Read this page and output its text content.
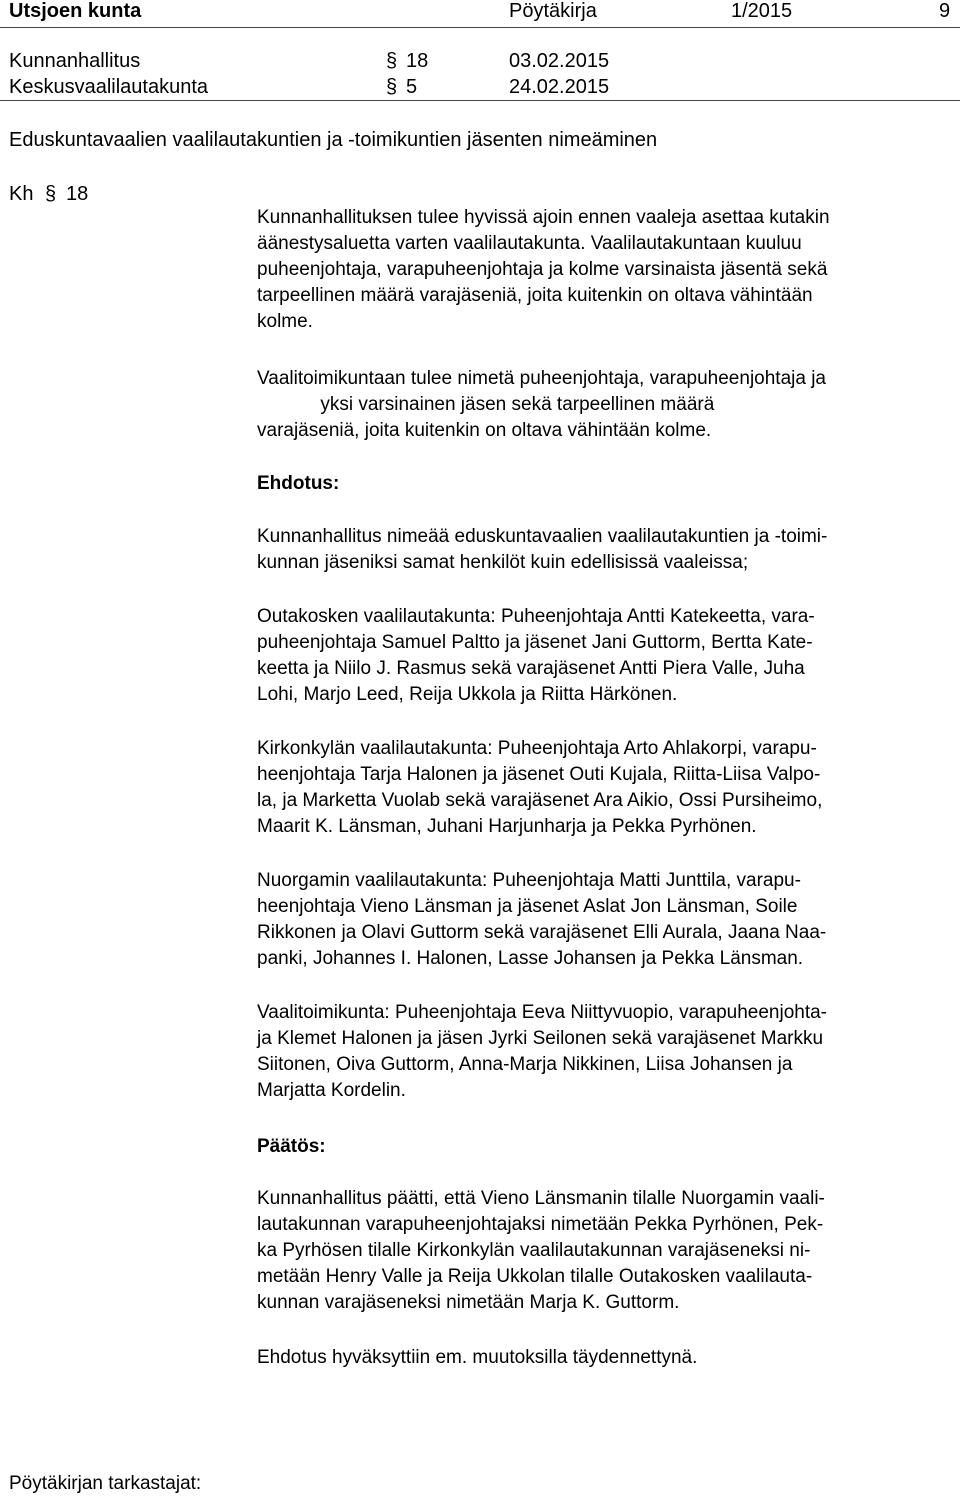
Utsjoen kunta	Pöytäkirja	1/2015	9
Kunnanhallitus	§ 18	03.02.2015
Keskusvaalilautakunta	§ 5	24.02.2015
Eduskuntavaalien vaalilautakuntien ja -toimikuntien jäsenten nimeäminen
Kh § 18
Kunnanhallituksen tulee hyvissä ajoin ennen vaaleja asettaa kutakin
äänestysaluetta varten vaalilautakunta. Vaalilautakuntaan kuuluu
puheenjohtaja, varapuheenjohtaja ja kolme varsinaista jäsentä sekä
tarpeellinen määrä varajäseniä, joita kuitenkin on oltava vähintään
kolme.
Vaalitoimikuntaan tulee nimetä puheenjohtaja, varapuheenjohtaja ja
yksi varsinainen jäsen sekä tarpeellinen määrä
varajäseniä, joita kuitenkin on oltava vähintään kolme.
Ehdotus:
Kunnanhallitus nimeää eduskuntavaalien vaalilautakuntien ja -toimi-
kunnan jäseniksi samat henkilöt kuin edellisissä vaaleissa;
Outakosken vaalilautakunta: Puheenjohtaja Antti Katekeetta, vara-
puheenjohtaja Samuel Paltto ja jäsenet Jani Guttorm, Bertta Kate-
keetta ja Niilo J. Rasmus sekä varajäsenet Antti Piera Valle, Juha
Lohi, Marjo Leed, Reija Ukkola ja Riitta Härkönen.
Kirkonkylän vaalilautakunta: Puheenjohtaja Arto Ahlakorpi, varapu-
heenjohtaja Tarja Halonen ja jäsenet Outi Kujala, Riitta-Liisa Valpo-
la, ja Marketta Vuolab sekä varajäsenet Ara Aikio, Ossi Pursiheimo,
Maarit K. Länsman, Juhani Harjunharja ja Pekka Pyrhönen.
Nuorgamin vaalilautakunta: Puheenjohtaja Matti Junttila, varapu-
heenjohtaja Vieno Länsman ja jäsenet Aslat Jon Länsman, Soile
Rikkonen ja Olavi Guttorm sekä varajäsenet Elli Aurala, Jaana Naa-
panki, Johannes I. Halonen, Lasse Johansen ja Pekka Länsman.
Vaalitoimikunta: Puheenjohtaja Eeva Niittyvuopio, varapuheenjohta-
ja Klemet Halonen ja jäsen Jyrki Seilonen sekä varajäsenet Markku
Siitonen, Oiva Guttorm, Anna-Marja Nikkinen, Liisa Johansen ja
Marjatta Kordelin.
Päätös:
Kunnanhallitus päätti, että Vieno Länsmanin tilalle Nuorgamin vaali-
lautakunnan varapuheenjohtajaksi nimetään Pekka Pyrhönen, Pek-
ka Pyrhösen tilalle Kirkonkylän vaalilautakunnan varajäseneksi ni-
metään Henry Valle ja Reija Ukkolan tilalle Outakosken vaalilauta-
kunnan varajäseneksi nimetään Marja K. Guttorm.
Ehdotus hyväksyttiin em. muutoksilla täydennettynä.
Pöytäkirjan tarkastajat:
